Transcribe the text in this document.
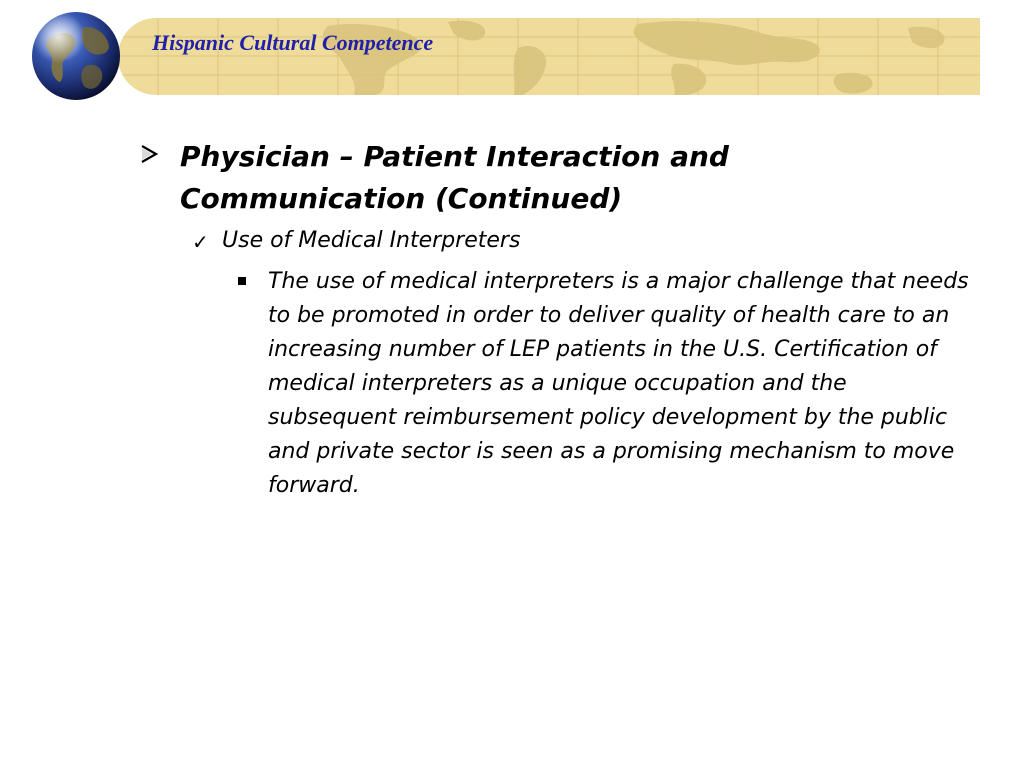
Hispanic Cultural Competence
Physician – Patient Interaction and Communication (Continued)
✓ Use of Medical Interpreters
The use of medical interpreters is a major challenge that needs to be promoted in order to deliver quality of health care to an increasing number of LEP patients in the U.S. Certification of medical interpreters as a unique occupation and the subsequent reimbursement policy development by the public and private sector is seen as a promising mechanism to move forward.
